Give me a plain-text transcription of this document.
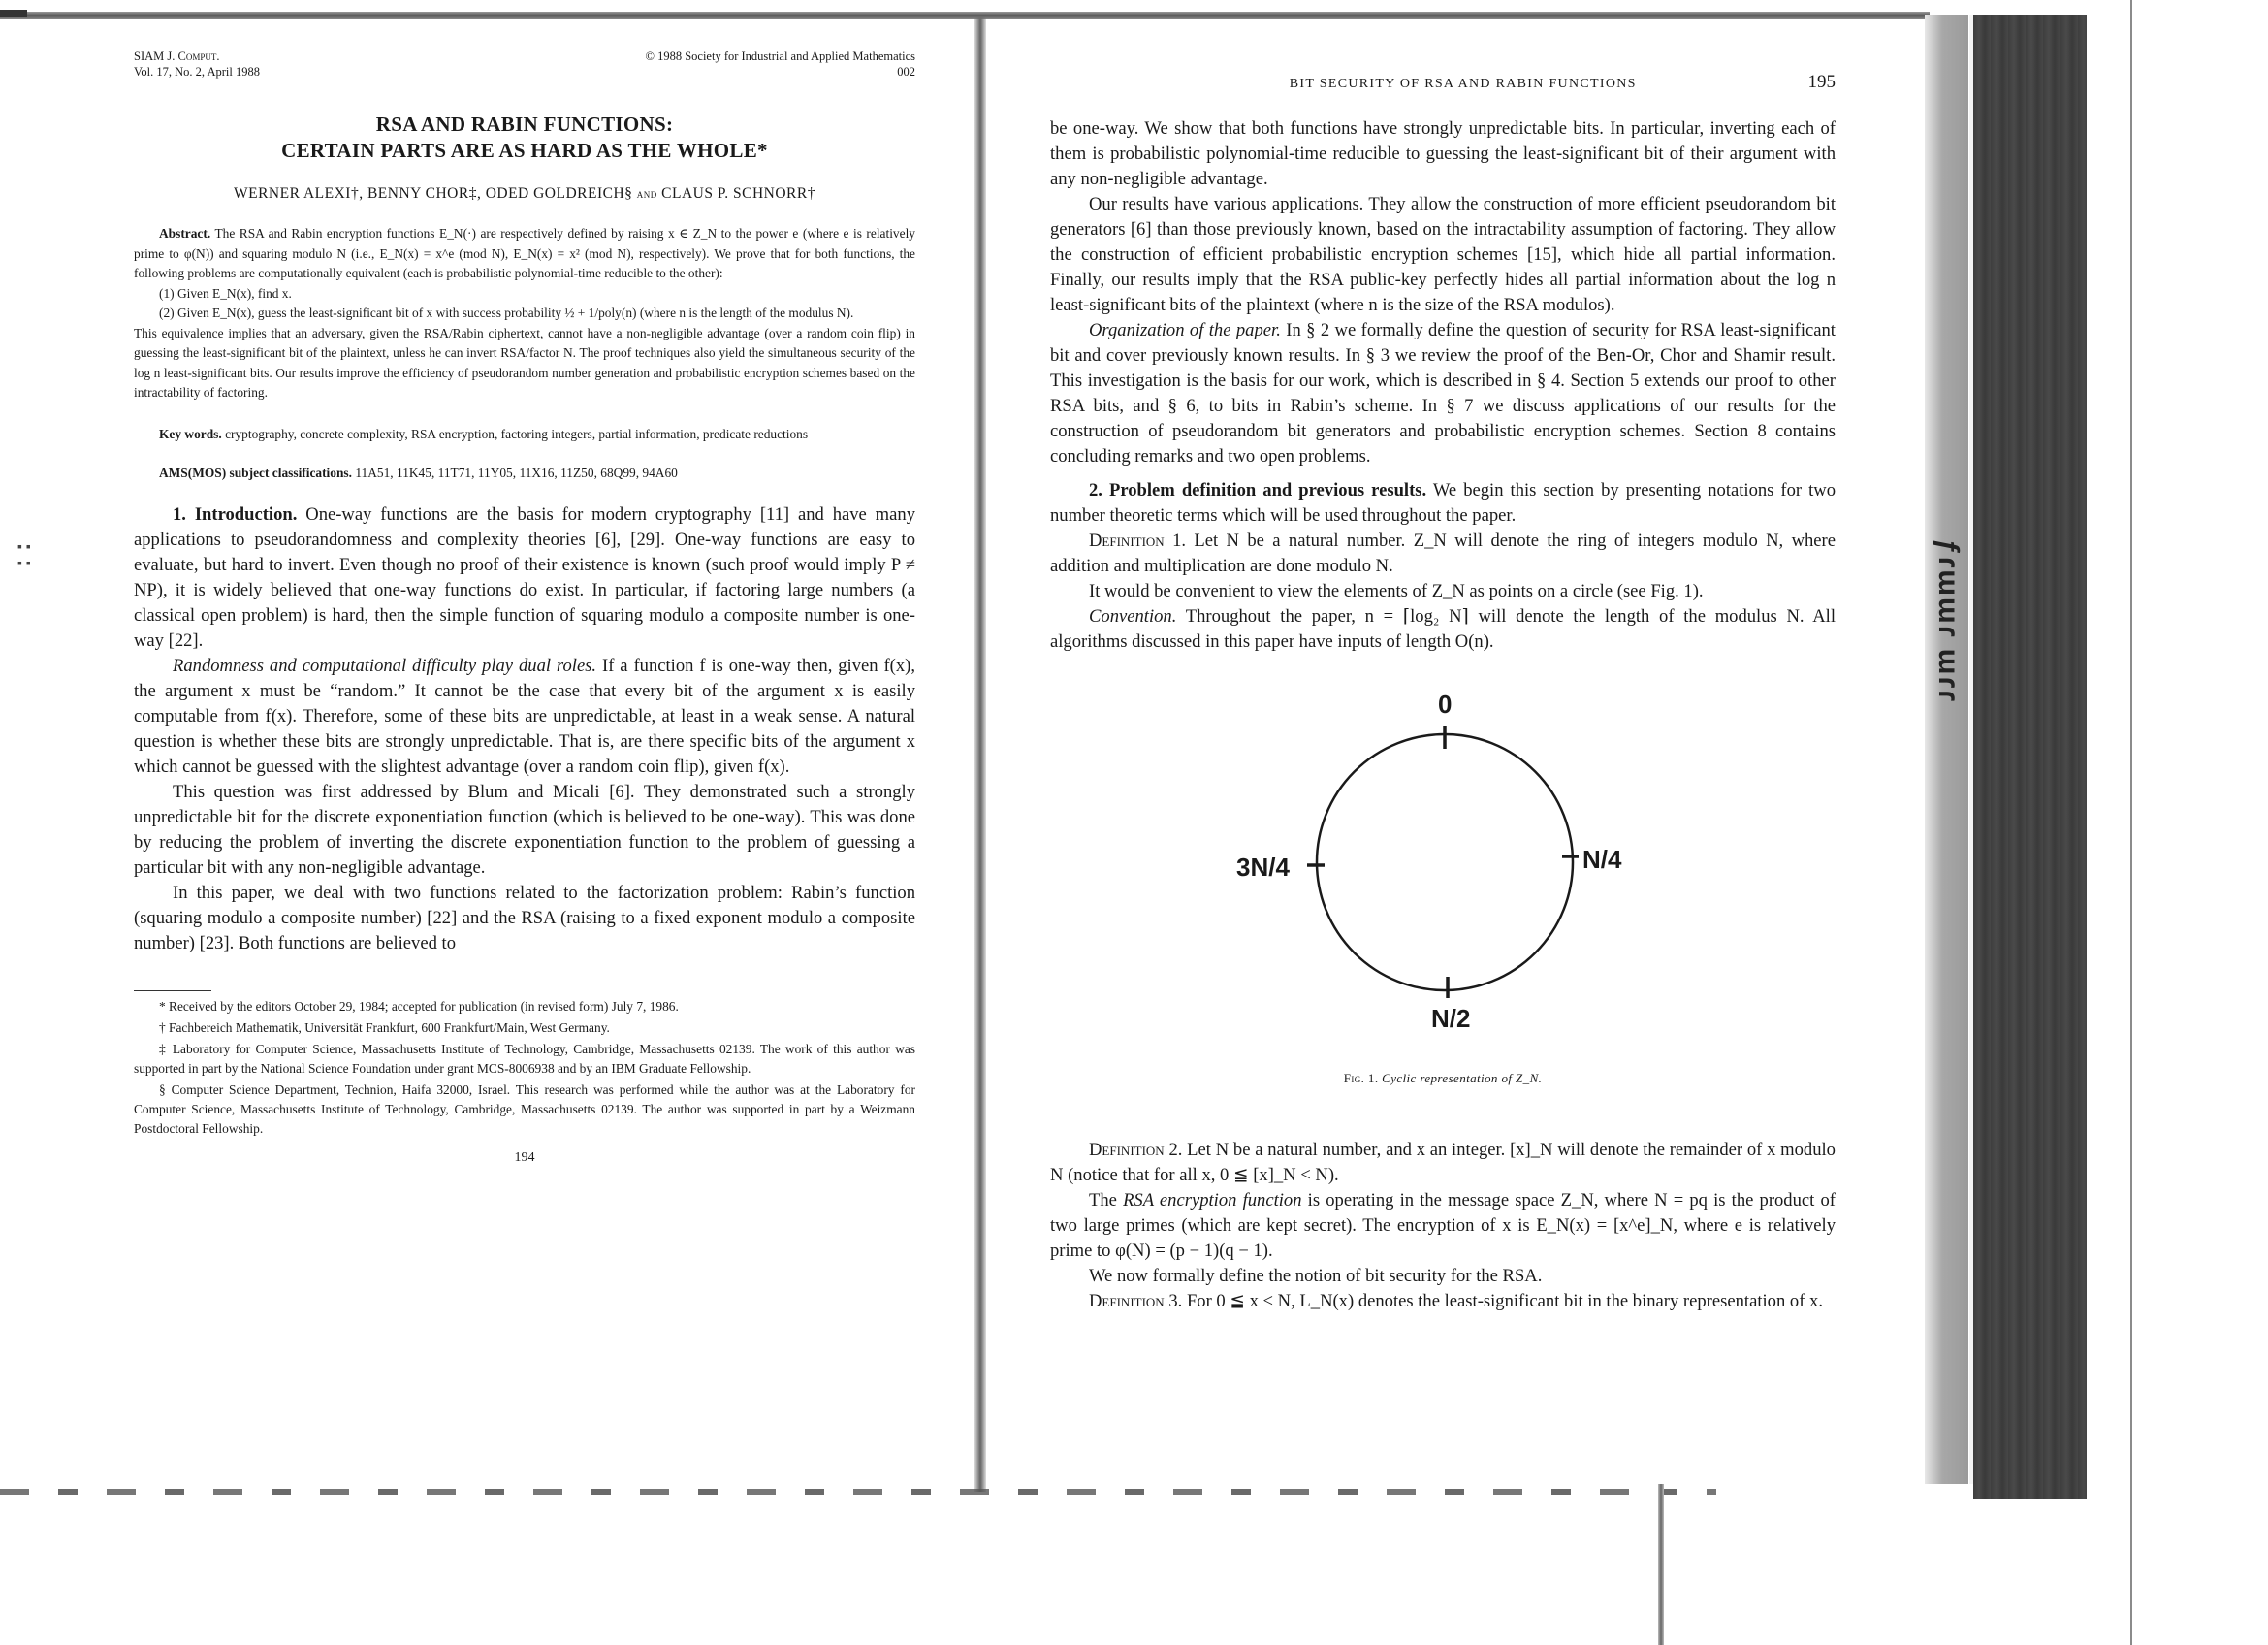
ƒɾɯɯɾ ɯɾɾ
▪ ▪ ▪ ▪
SIAM J. Comput.
Vol. 17, No. 2, April 1988
© 1988 Society for Industrial and Applied Mathematics
002
RSA AND RABIN FUNCTIONS:
CERTAIN PARTS ARE AS HARD AS THE WHOLE*
WERNER ALEXI†, BENNY CHOR‡, ODED GOLDREICH§ and CLAUS P. SCHNORR†
Abstract. The RSA and Rabin encryption functions E_N(·) are respectively defined by raising x ∈ Z_N to the power e (where e is relatively prime to φ(N)) and squaring modulo N (i.e., E_N(x) = x^e (mod N), E_N(x) = x² (mod N), respectively). We prove that for both functions, the following problems are computationally equivalent (each is probabilistic polynomial-time reducible to the other):
(1) Given E_N(x), find x.
(2) Given E_N(x), guess the least-significant bit of x with success probability ½ + 1/poly(n) (where n is the length of the modulus N).
This equivalence implies that an adversary, given the RSA/Rabin ciphertext, cannot have a non-negligible advantage (over a random coin flip) in guessing the least-significant bit of the plaintext, unless he can invert RSA/factor N. The proof techniques also yield the simultaneous security of the log n least-significant bits. Our results improve the efficiency of pseudorandom number generation and probabilistic encryption schemes based on the intractability of factoring.
Key words. cryptography, concrete complexity, RSA encryption, factoring integers, partial information, predicate reductions
AMS(MOS) subject classifications. 11A51, 11K45, 11T71, 11Y05, 11X16, 11Z50, 68Q99, 94A60

1. Introduction. One-way functions are the basis for modern cryptography [11] and have many applications to pseudorandomness and complexity theories [6], [29]. One-way functions are easy to evaluate, but hard to invert. Even though no proof of their existence is known (such proof would imply P ≠ NP), it is widely believed that one-way functions do exist. In particular, if factoring large numbers (a classical open problem) is hard, then the simple function of squaring modulo a composite number is one-way [22].

Randomness and computational difficulty play dual roles. If a function f is one-way then, given f(x), the argument x must be “random.” It cannot be the case that every bit of the argument x is easily computable from f(x). Therefore, some of these bits are unpredictable, at least in a weak sense. A natural question is whether these bits are strongly unpredictable. That is, are there specific bits of the argument x which cannot be guessed with the slightest advantage (over a random coin flip), given f(x).

This question was first addressed by Blum and Micali [6]. They demonstrated such a strongly unpredictable bit for the discrete exponentiation function (which is believed to be one-way). This was done by reducing the problem of inverting the discrete exponentiation function to the problem of guessing a particular bit with any non-negligible advantage.

In this paper, we deal with two functions related to the factorization problem: Rabin’s function (squaring modulo a composite number) [22] and the RSA (raising to a fixed exponent modulo a composite number) [23]. Both functions are believed to

* Received by the editors October 29, 1984; accepted for publication (in revised form) July 7, 1986.

† Fachbereich Mathematik, Universität Frankfurt, 600 Frankfurt/Main, West Germany.

‡ Laboratory for Computer Science, Massachusetts Institute of Technology, Cambridge, Massachusetts 02139. The work of this author was supported in part by the National Science Foundation under grant MCS-8006938 and by an IBM Graduate Fellowship.

§ Computer Science Department, Technion, Haifa 32000, Israel. This research was performed while the author was at the Laboratory for Computer Science, Massachusetts Institute of Technology, Cambridge, Massachusetts 02139. The author was supported in part by a Weizmann Postdoctoral Fellowship.

194
BIT SECURITY OF RSA AND RABIN FUNCTIONS	195

be one-way. We show that both functions have strongly unpredictable bits. In particular, inverting each of them is probabilistic polynomial-time reducible to guessing the least-significant bit of their argument with any non-negligible advantage.

Our results have various applications. They allow the construction of more efficient pseudorandom bit generators [6] than those previously known, based on the intractability assumption of factoring. They allow the construction of efficient probabilistic encryption schemes [15], which hide all partial information. Finally, our results imply that the RSA public-key perfectly hides all partial information about the log n least-significant bits of the plaintext (where n is the size of the RSA modulos).

Organization of the paper. In § 2 we formally define the question of security for RSA least-significant bit and cover previously known results. In § 3 we review the proof of the Ben-Or, Chor and Shamir result. This investigation is the basis for our work, which is described in § 4. Section 5 extends our proof to other RSA bits, and § 6, to bits in Rabin’s scheme. In § 7 we discuss applications of our results for the construction of pseudorandom bit generators and probabilistic encryption schemes. Section 8 contains concluding remarks and two open problems.

2. Problem definition and previous results. We begin this section by presenting notations for two number theoretic terms which will be used throughout the paper.

Definition 1. Let N be a natural number. Z_N will denote the ring of integers modulo N, where addition and multiplication are done modulo N.

It would be convenient to view the elements of Z_N as points on a circle (see Fig. 1).

Convention. Throughout the paper, n = ⌈log₂ N⌉ will denote the length of the modulus N. All algorithms discussed in this paper have inputs of length O(n).

0
N/4
N/2
3N/4
Fig. 1. Cyclic representation of Z_N.

Definition 2. Let N be a natural number, and x an integer. [x]_N will denote the remainder of x modulo N (notice that for all x, 0 ≦ [x]_N < N).

The RSA encryption function is operating in the message space Z_N, where N = pq is the product of two large primes (which are kept secret). The encryption of x is E_N(x) = [x^e]_N, where e is relatively prime to φ(N) = (p − 1)(q − 1).

We now formally define the notion of bit security for the RSA.

Definition 3. For 0 ≦ x < N, L_N(x) denotes the least-significant bit in the binary representation of x.
